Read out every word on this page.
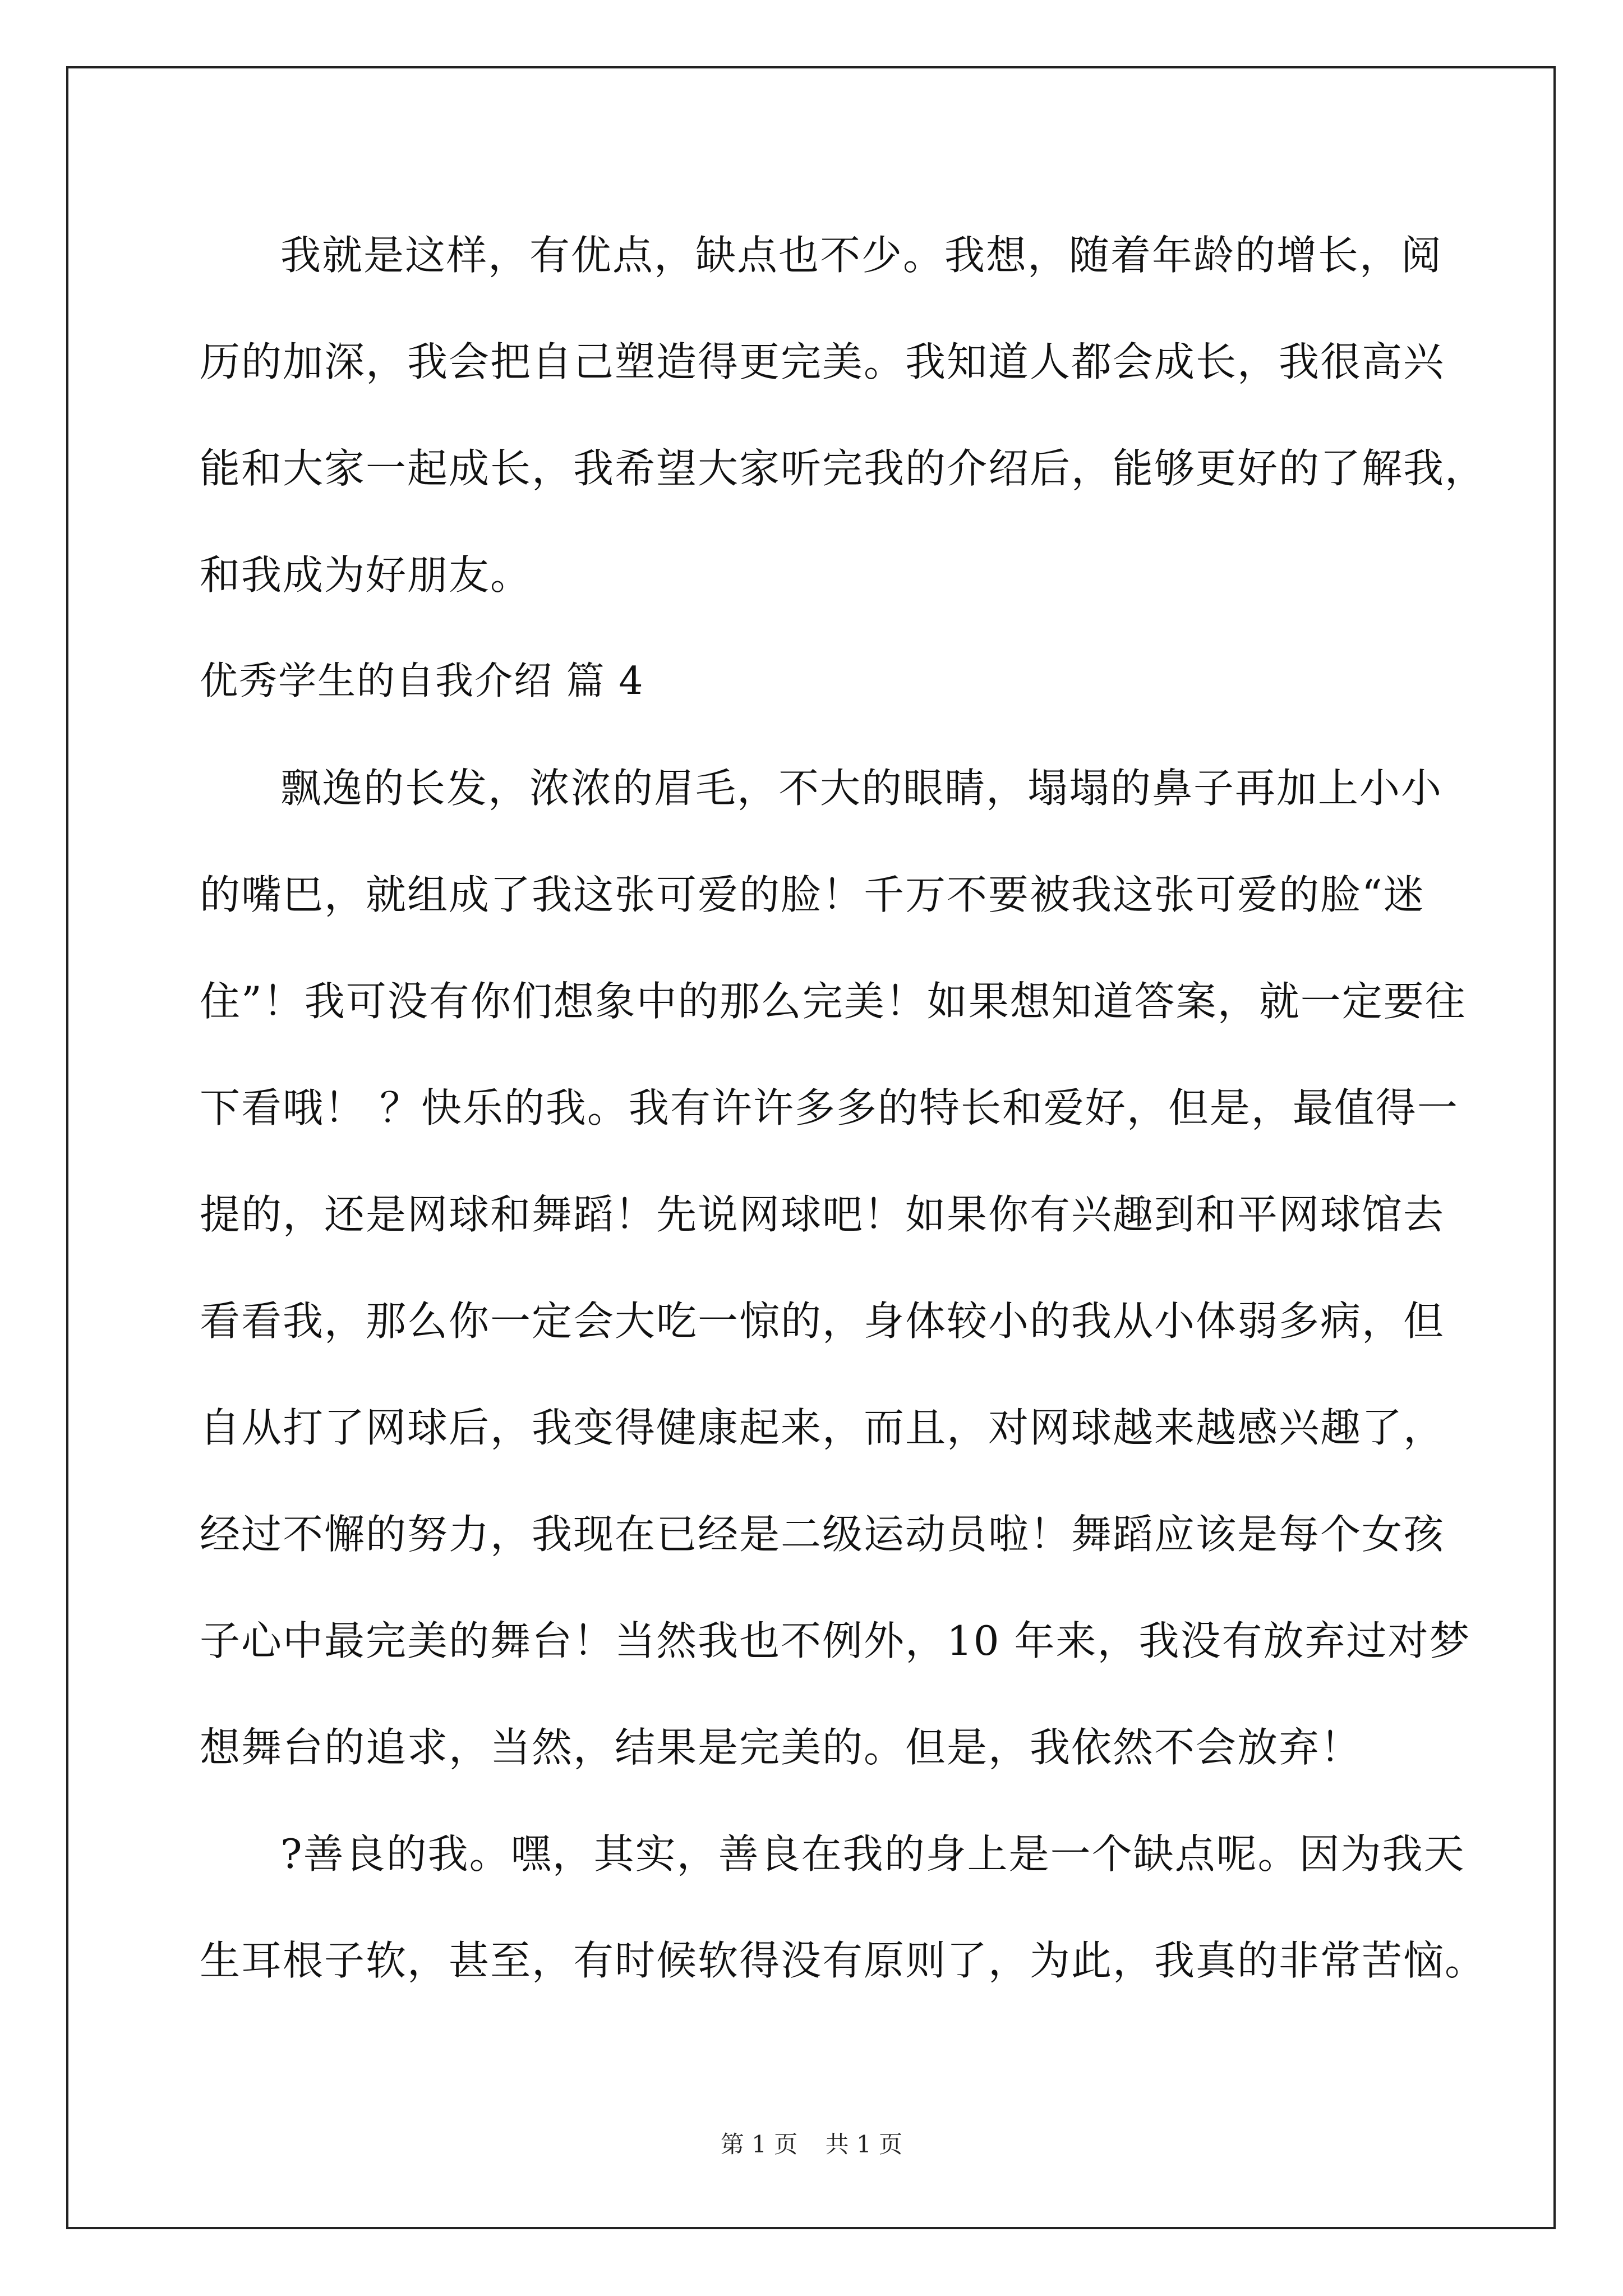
我就是这样，有优点，缺点也不少。我想，随着年龄的增长，阅
历的加深，我会把自己塑造得更完美。我知道人都会成长，我很高兴
能和大家一起成长，我希望大家听完我的介绍后，能够更好的了解我，
和我成为好朋友。
优秀学生的自我介绍 篇 4
飘逸的长发，浓浓的眉毛，不大的眼睛，塌塌的鼻子再加上小小
的嘴巴，就组成了我这张可爱的脸！千万不要被我这张可爱的脸“迷
住”！我可没有你们想象中的那么完美！如果想知道答案，就一定要往
下看哦！ ？快乐的我。我有许许多多的特长和爱好，但是，最值得一
提的，还是网球和舞蹈！先说网球吧！如果你有兴趣到和平网球馆去
看看我，那么你一定会大吃一惊的，身体较小的我从小体弱多病，但
自从打了网球后，我变得健康起来，而且，对网球越来越感兴趣了，
经过不懈的努力，我现在已经是二级运动员啦！舞蹈应该是每个女孩
子心中最完美的舞台！当然我也不例外，10 年来，我没有放弃过对梦
想舞台的追求，当然，结果是完美的。但是，我依然不会放弃！
?善良的我。嘿，其实，善良在我的身上是一个缺点呢。因为我天
生耳根子软，甚至，有时候软得没有原则了，为此，我真的非常苦恼。
第 1 页 共 1 页
